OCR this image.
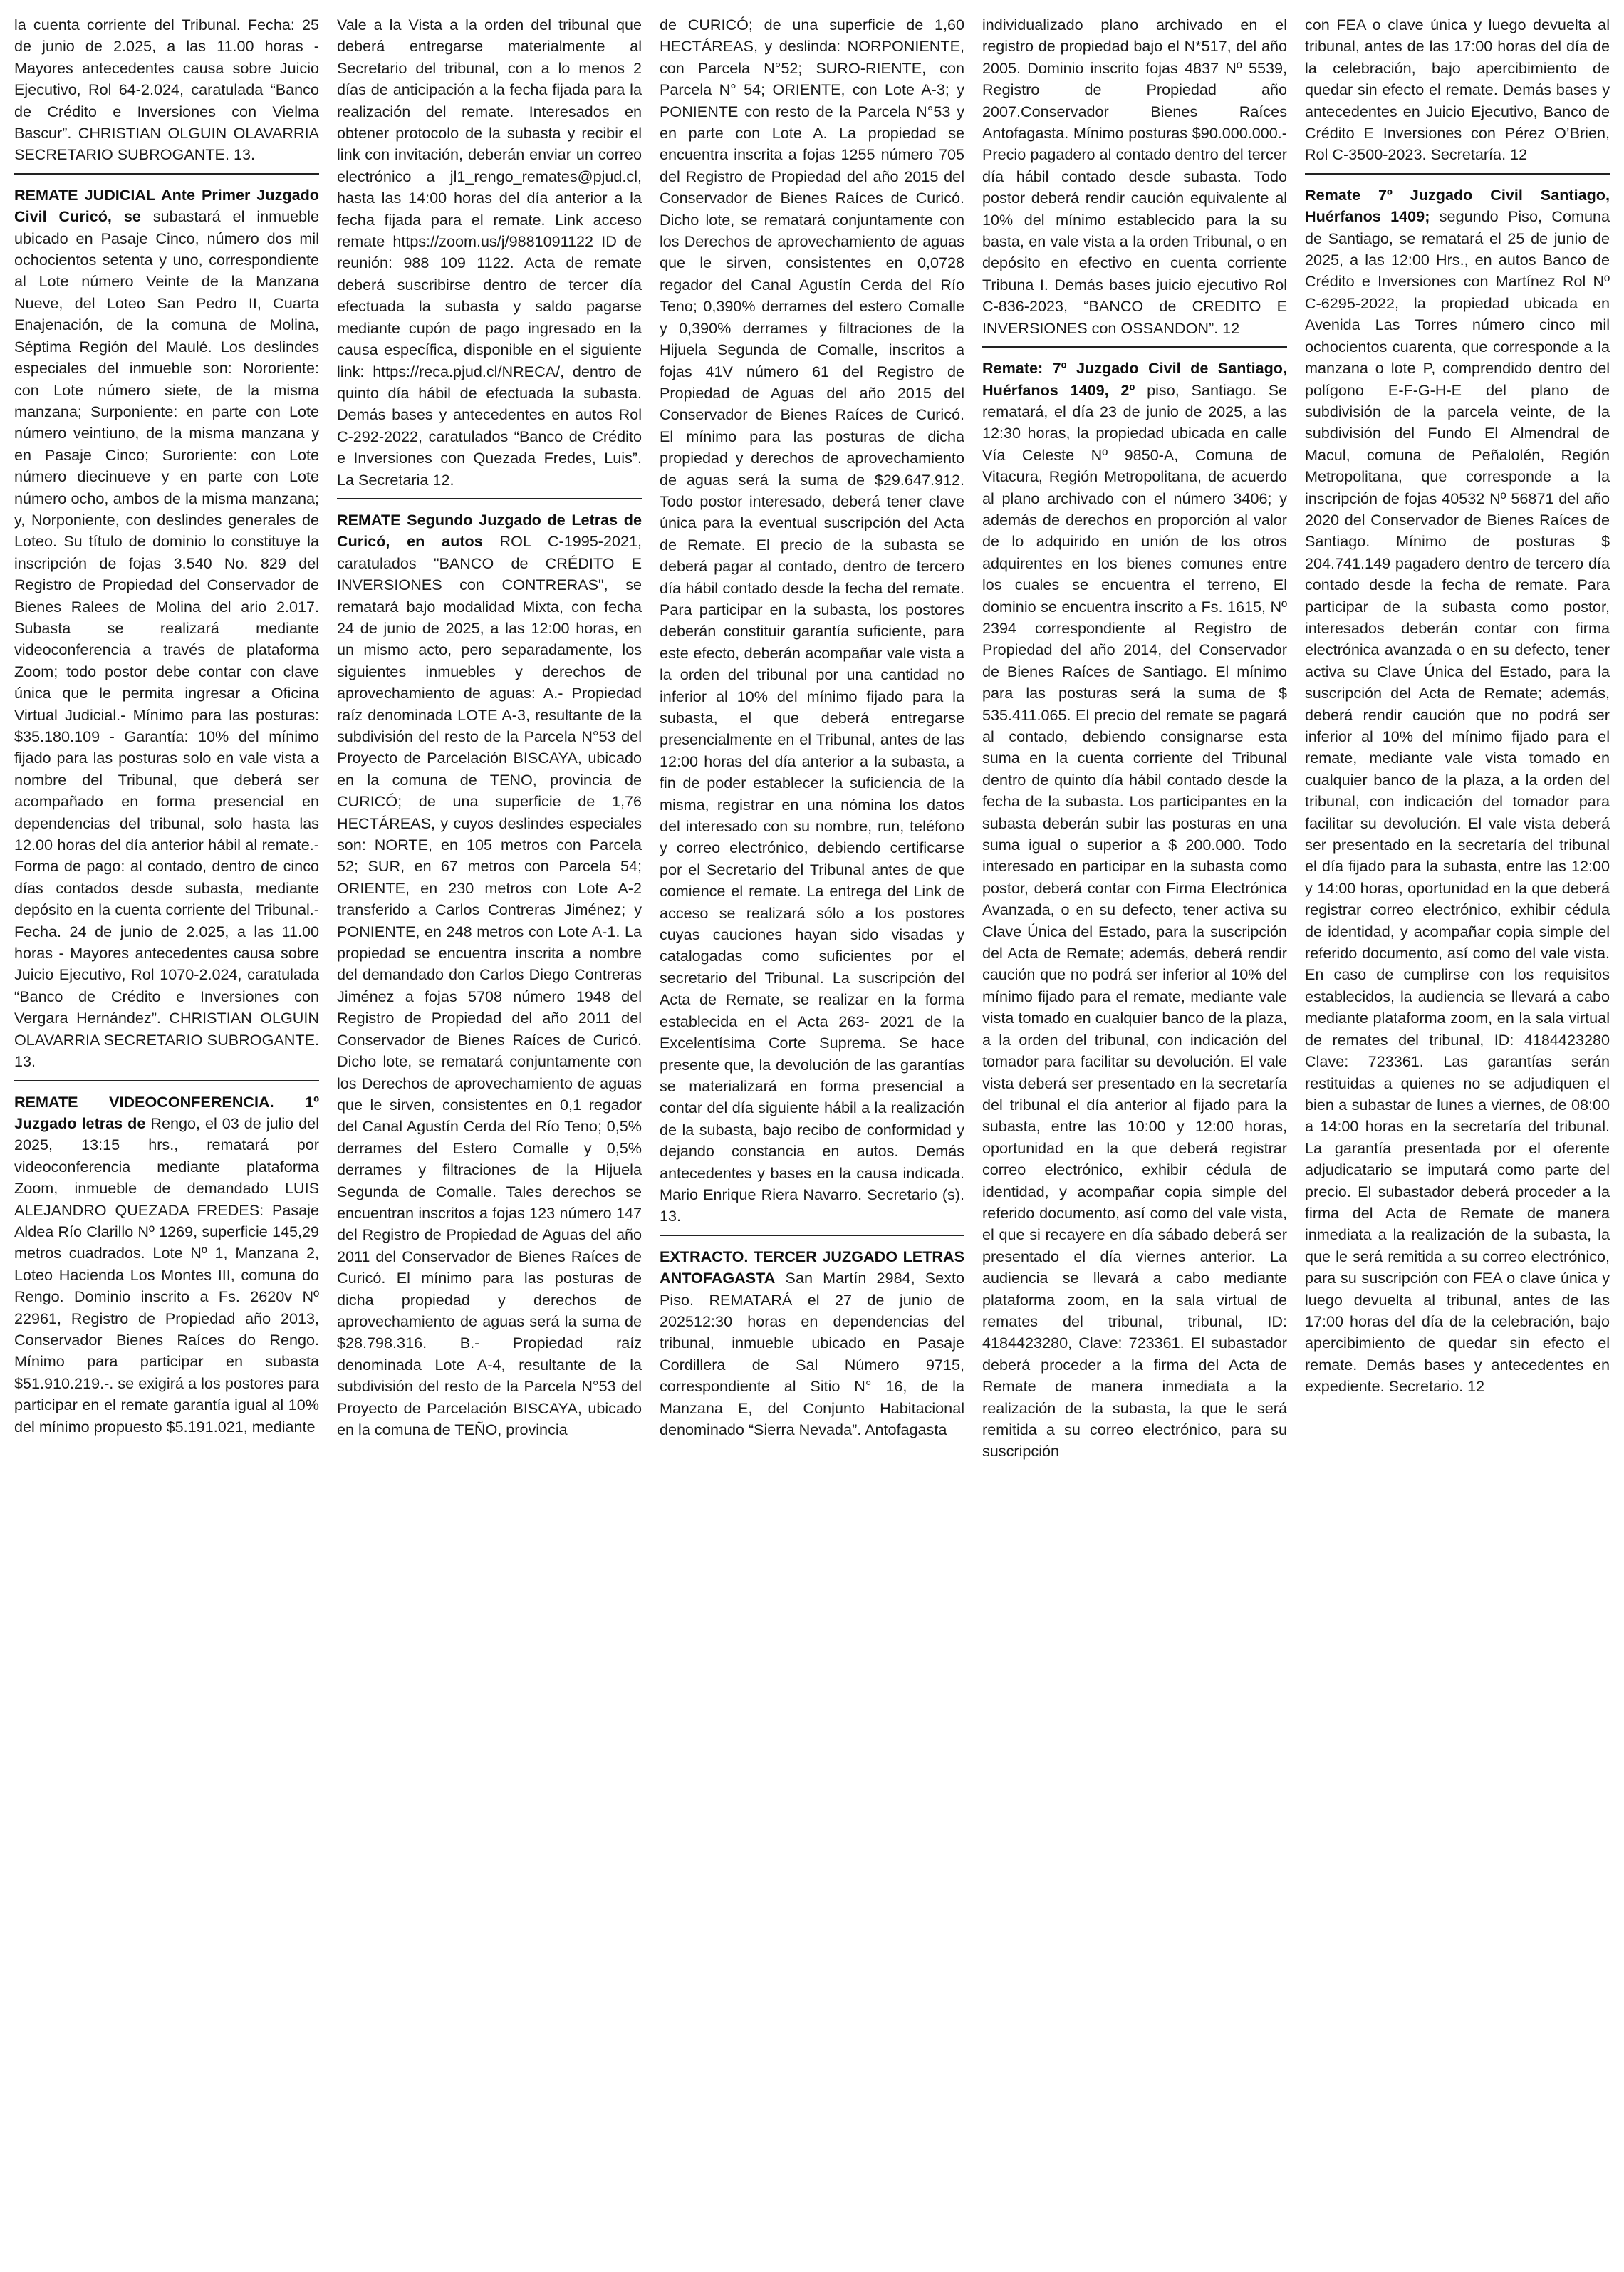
la cuenta corriente del Tribunal. Fecha: 25 de junio de 2.025, a las 11.00 horas - Mayores antecedentes causa sobre Juicio Ejecutivo, Rol 64-2.024, caratulada “Banco de Crédito e Inversiones con Vielma Bascur”. CHRISTIAN OLGUIN OLAVARRIA SECRETARIO SUBROGANTE. 13.

REMATE JUDICIAL Ante Primer Juzgado Civil Curicó, se subastará el inmueble ubicado en Pasaje Cinco, número dos mil ochocientos setenta y uno, correspondiente al Lote número Veinte de la Manzana Nueve, del Loteo San Pedro II, Cuarta Enajenación, de la comuna de Molina, Séptima Región del Maulé. Los deslindes especiales del inmueble son: Nororiente: con Lote número siete, de la misma manzana; Surponiente: en parte con Lote número veintiuno, de la misma manzana y en Pasaje Cinco; Suroriente: con Lote número diecinueve y en parte con Lote número ocho, ambos de la misma manzana; y, Norponiente, con deslindes generales de Loteo. Su título de dominio lo constituye la inscripción de fojas 3.540 No. 829 del Registro de Propiedad del Conservador de Bienes Ralees de Molina del ario 2.017. Subasta se realizará mediante videoconferencia a través de plataforma Zoom; todo postor debe contar con clave única que le permita ingresar a Oficina Virtual Judicial.- Mínimo para las posturas: $35.180.109 - Garantía: 10% del mínimo fijado para las posturas solo en vale vista a nombre del Tribunal, que deberá ser acompañado en forma presencial en dependencias del tribunal, solo hasta las 12.00 horas del día anterior hábil al remate.- Forma de pago: al contado, dentro de cinco días contados desde subasta, mediante depósito en la cuenta corriente del Tribunal.- Fecha. 24 de junio de 2.025, a las 11.00 horas - Mayores antecedentes causa sobre Juicio Ejecutivo, Rol 1070-2.024, caratulada “Banco de Crédito e Inversiones con Vergara Hernández”. CHRISTIAN OLGUIN OLAVARRIA SECRETARIO SUBROGANTE. 13.

REMATE VIDEOCONFERENCIA. 1º Juzgado letras de Rengo, el 03 de julio del 2025, 13:15 hrs., rematará por videoconferencia mediante plataforma Zoom, inmueble de demandado LUIS ALEJANDRO QUEZADA FREDES: Pasaje Aldea Río Clarillo Nº 1269, superficie 145,29 metros cuadrados. Lote Nº 1, Manzana 2, Loteo Hacienda Los Montes III, comuna do Rengo. Dominio inscrito a Fs. 2620v Nº 22961, Registro de Propiedad año 2013, Conservador Bienes Raíces do Rengo. Mínimo para participar en subasta $51.910.219.-. se exigirá a los postores para participar en el remate garantía igual al 10% del mínimo propuesto $5.191.021, mediante

Vale a la Vista a la orden del tribunal que deberá entregarse materialmente al Secretario del tribunal, con a lo menos 2 días de anticipación a la fecha fijada para la realización del remate. Interesados en obtener protocolo de la subasta y recibir el link con invitación, deberán enviar un correo electrónico a jl1_rengo_remates@pjud.cl, hasta las 14:00 horas del día anterior a la fecha fijada para el remate. Link acceso remate https://zoom.us/j/9881091122 ID de reunión: 988 109 1122. Acta de remate deberá suscribirse dentro de tercer día efectuada la subasta y saldo pagarse mediante cupón de pago ingresado en la causa específica, disponible en el siguiente link: https://reca.pjud.cl/NRECA/, dentro de quinto día hábil de efectuada la subasta. Demás bases y antecedentes en autos Rol C-292-2022, caratulados “Banco de Crédito e Inversiones con Quezada Fredes, Luis”. La Secretaria 12.

REMATE Segundo Juzgado de Letras de Curicó, en autos ROL C-1995-2021, caratulados "BANCO de CRÉDITO E INVERSIONES con CONTRERAS", se rematará bajo modalidad Mixta, con fecha 24 de junio de 2025, a las 12:00 horas, en un mismo acto, pero separadamente, los siguientes inmuebles y derechos de aprovechamiento de aguas: A.- Propiedad raíz denominada LOTE A-3, resultante de la subdivisión del resto de la Parcela N°53 del Proyecto de Parcelación BISCAYA, ubicado en la comuna de TENO, provincia de CURICÓ; de una superficie de 1,76 HECTÁREAS, y cuyos deslindes especiales son: NORTE, en 105 metros con Parcela 52; SUR, en 67 metros con Parcela 54; ORIENTE, en 230 metros con Lote A-2 transferido a Carlos Contreras Jiménez; y PONIENTE, en 248 metros con Lote A-1. La propiedad se encuentra inscrita a nombre del demandado don Carlos Diego Contreras Jiménez a fojas 5708 número 1948 del Registro de Propiedad del año 2011 del Conservador de Bienes Raíces de Curicó. Dicho lote, se rematará conjuntamente con los Derechos de aprovechamiento de aguas que le sirven, consistentes en 0,1 regador del Canal Agustín Cerda del Río Teno; 0,5% derrames del Estero Comalle y 0,5% derrames y filtraciones de la Hijuela Segunda de Comalle. Tales derechos se encuentran inscritos a fojas 123 número 147 del Registro de Propiedad de Aguas del año 2011 del Conservador de Bienes Raíces de Curicó. El mínimo para las posturas de dicha propiedad y derechos de aprovechamiento de aguas será la suma de $28.798.316. B.- Propiedad raíz denominada Lote A-4, resultante de la subdivisión del resto de la Parcela N°53 del Proyecto de Parcelación BISCAYA, ubicado en la comuna de TEÑO, provincia

de CURICÓ; de una superficie de 1,60 HECTÁREAS, y deslinda: NORPONIENTE, con Parcela N°52; SURO-RIENTE, con Parcela N° 54; ORIENTE, con Lote A-3; y PONIENTE con resto de la Parcela N°53 y en parte con Lote A. La propiedad se encuentra inscrita a fojas 1255 número 705 del Registro de Propiedad del año 2015 del Conservador de Bienes Raíces de Curicó. Dicho lote, se rematará conjuntamente con los Derechos de aprovechamiento de aguas que le sirven, consistentes en 0,0728 regador del Canal Agustín Cerda del Río Teno; 0,390% derrames del estero Comalle y 0,390% derrames y filtraciones de la Hijuela Segunda de Comalle, inscritos a fojas 41V número 61 del Registro de Propiedad de Aguas del año 2015 del Conservador de Bienes Raíces de Curicó. El mínimo para las posturas de dicha propiedad y derechos de aprovechamiento de aguas será la suma de $29.647.912. Todo postor interesado, deberá tener clave única para la eventual suscripción del Acta de Remate. El precio de la subasta se deberá pagar al contado, dentro de tercero día hábil contado desde la fecha del remate. Para participar en la subasta, los postores deberán constituir garantía suficiente, para este efecto, deberán acompañar vale vista a la orden del tribunal por una cantidad no inferior al 10% del mínimo fijado para la subasta, el que deberá entregarse presencialmente en el Tribunal, antes de las 12:00 horas del día anterior a la subasta, a fin de poder establecer la suficiencia de la misma, registrar en una nómina los datos del interesado con su nombre, run, teléfono y correo electrónico, debiendo certificarse por el Secretario del Tribunal antes de que comience el remate. La entrega del Link de acceso se realizará sólo a los postores cuyas cauciones hayan sido visadas y catalogadas como suficientes por el secretario del Tribunal. La suscripción del Acta de Remate, se realizar en la forma establecida en el Acta 263- 2021 de la Excelentísima Corte Suprema. Se hace presente que, la devolución de las garantías se materializará en forma presencial a contar del día siguiente hábil a la realización de la subasta, bajo recibo de conformidad y dejando constancia en autos. Demás antecedentes y bases en la causa indicada. Mario Enrique Riera Navarro. Secretario (s). 13.

EXTRACTO. TERCER JUZGADO LETRAS ANTOFAGASTA San Martín 2984, Sexto Piso. REMATARÁ el 27 de junio de 202512:30 horas en dependencias del tribunal, inmueble ubicado en Pasaje Cordillera de Sal Número 9715, correspondiente al Sitio N° 16, de la Manzana E, del Conjunto Habitacional denominado “Sierra Nevada”. Antofagasta

individualizado plano archivado en el registro de propiedad bajo el N*517, del año 2005. Dominio inscrito fojas 4837 Nº 5539, Registro de Propiedad año 2007.Conservador Bienes Raíces Antofagasta. Mínimo posturas $90.000.000.- Precio pagadero al contado dentro del tercer día hábil contado desde subasta. Todo postor deberá rendir caución equivalente al 10% del mínimo establecido para la su basta, en vale vista a la orden Tribunal, o en depósito en efectivo en cuenta corriente Tribuna I. Demás bases juicio ejecutivo Rol C-836-2023, “BANCO de CREDITO E INVERSIONES con OSSANDON”. 12

Remate: 7º Juzgado Civil de Santiago, Huérfanos 1409, 2º piso, Santiago. Se rematará, el día 23 de junio de 2025, a las 12:30 horas, la propiedad ubicada en calle Vía Celeste Nº 9850-A, Comuna de Vitacura, Región Metropolitana, de acuerdo al plano archivado con el número 3406; y además de derechos en proporción al valor de lo adquirido en unión de los otros adquirentes en los bienes comunes entre los cuales se encuentra el terreno, El dominio se encuentra inscrito a Fs. 1615, Nº 2394 correspondiente al Registro de Propiedad del año 2014, del Conservador de Bienes Raíces de Santiago. El mínimo para las posturas será la suma de $ 535.411.065. El precio del remate se pagará al contado, debiendo consignarse esta suma en la cuenta corriente del Tribunal dentro de quinto día hábil contado desde la fecha de la subasta. Los participantes en la subasta deberán subir las posturas en una suma igual o superior a $ 200.000. Todo interesado en participar en la subasta como postor, deberá contar con Firma Electrónica Avanzada, o en su defecto, tener activa su Clave Única del Estado, para la suscripción del Acta de Remate; además, deberá rendir caución que no podrá ser inferior al 10% del mínimo fijado para el remate, mediante vale vista tomado en cualquier banco de la plaza, a la orden del tribunal, con indicación del tomador para facilitar su devolución. El vale vista deberá ser presentado en la secretaría del tribunal el día anterior al fijado para la subasta, entre las 10:00 y 12:00 horas, oportunidad en la que deberá registrar correo electrónico, exhibir cédula de identidad, y acompañar copia simple del referido documento, así como del vale vista, el que si recayere en día sábado deberá ser presentado el día viernes anterior. La audiencia se llevará a cabo mediante plataforma zoom, en la sala virtual de remates del tribunal, tribunal, ID: 4184423280, Clave: 723361. El subastador deberá proceder a la firma del Acta de Remate de manera inmediata a la realización de la subasta, la que le será remitida a su correo electrónico, para su suscripción

con FEA o clave única y luego devuelta al tribunal, antes de las 17:00 horas del día de la celebración, bajo apercibimiento de quedar sin efecto el remate. Demás bases y antecedentes en Juicio Ejecutivo, Banco de Crédito E Inversiones con Pérez O’Brien, Rol C-3500-2023. Secretaría. 12

Remate 7º Juzgado Civil Santiago, Huérfanos 1409; segundo Piso, Comuna de Santiago, se rematará el 25 de junio de 2025, a las 12:00 Hrs., en autos Banco de Crédito e Inversiones con Martínez Rol Nº C-6295-2022, la propiedad ubicada en Avenida Las Torres número cinco mil ochocientos cuarenta, que corresponde a la manzana o lote P, comprendido dentro del polígono E-F-G-H-E del plano de subdivisión de la parcela veinte, de la subdivisión del Fundo El Almendral de Macul, comuna de Peñalolén, Región Metropolitana, que corresponde a la inscripción de fojas 40532 Nº 56871 del año 2020 del Conservador de Bienes Raíces de Santiago. Mínimo de posturas $ 204.741.149 pagadero dentro de tercero día contado desde la fecha de remate. Para participar de la subasta como postor, interesados deberán contar con firma electrónica avanzada o en su defecto, tener activa su Clave Única del Estado, para la suscripción del Acta de Remate; además, deberá rendir caución que no podrá ser inferior al 10% del mínimo fijado para el remate, mediante vale vista tomado en cualquier banco de la plaza, a la orden del tribunal, con indicación del tomador para facilitar su devolución. El vale vista deberá ser presentado en la secretaría del tribunal el día fijado para la subasta, entre las 12:00 y 14:00 horas, oportunidad en la que deberá registrar correo electrónico, exhibir cédula de identidad, y acompañar copia simple del referido documento, así como del vale vista. En caso de cumplirse con los requisitos establecidos, la audiencia se llevará a cabo mediante plataforma zoom, en la sala virtual de remates del tribunal, ID: 4184423280 Clave: 723361. Las garantías serán restituidas a quienes no se adjudiquen el bien a subastar de lunes a viernes, de 08:00 a 14:00 horas en la secretaría del tribunal. La garantía presentada por el oferente adjudicatario se imputará como parte del precio. El subastador deberá proceder a la firma del Acta de Remate de manera inmediata a la realización de la subasta, la que le será remitida a su correo electrónico, para su suscripción con FEA o clave única y luego devuelta al tribunal, antes de las 17:00 horas del día de la celebración, bajo apercibimiento de quedar sin efecto el remate. Demás bases y antecedentes en expediente. Secretario. 12
